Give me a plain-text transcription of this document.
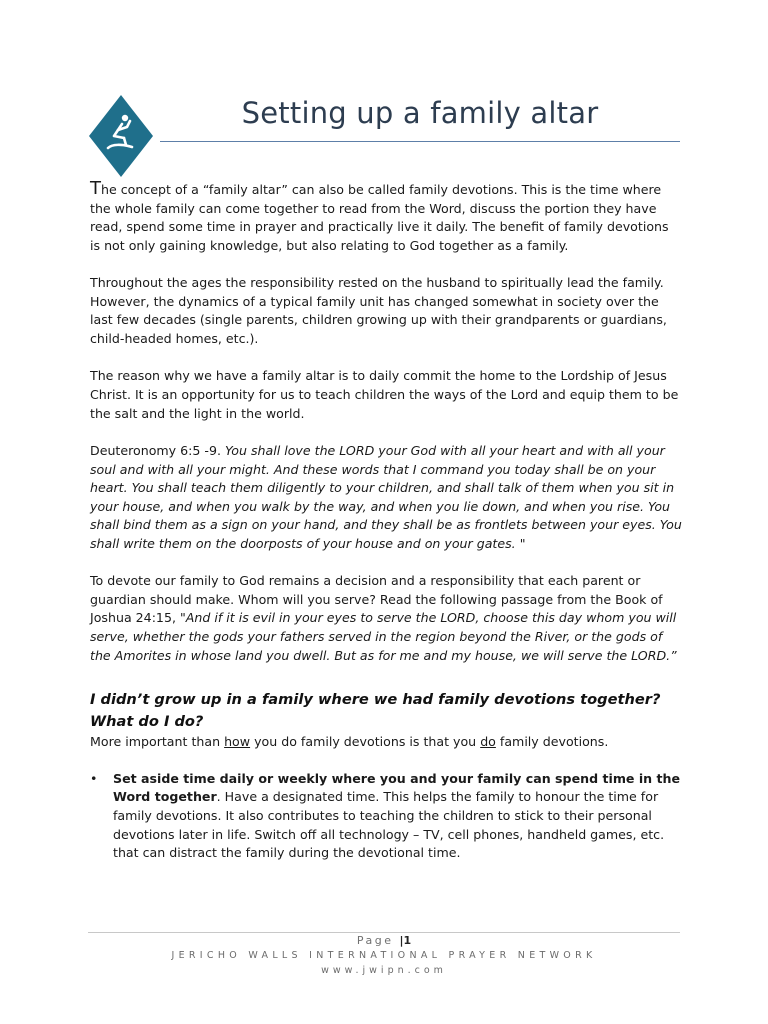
Setting up a family altar

The concept of a “family altar” can also be called family devotions. This is the time where the whole family can come together to read from the Word, discuss the portion they have read, spend some time in prayer and practically live it daily. The benefit of family devotions is not only gaining knowledge, but also relating to God together as a family.

Throughout the ages the responsibility rested on the husband to spiritually lead the family. However, the dynamics of a typical family unit has changed somewhat in society over the last few decades (single parents, children growing up with their grandparents or guardians, child-headed homes, etc.).

The reason why we have a family altar is to daily commit the home to the Lordship of Jesus Christ. It is an opportunity for us to teach children the ways of the Lord and equip them to be the salt and the light in the world.

Deuteronomy 6:5 -9. You shall love the LORD your God with all your heart and with all your soul and with all your might. And these words that I command you today shall be on your heart. You shall teach them diligently to your children, and shall talk of them when you sit in your house, and when you walk by the way, and when you lie down, and when you rise. You shall bind them as a sign on your hand, and they shall be as frontlets between your eyes. You shall write them on the doorposts of your house and on your gates. "

To devote our family to God remains a decision and a responsibility that each parent or guardian should make. Whom will you serve? Read the following passage from the Book of Joshua 24:15, "And if it is evil in your eyes to serve the LORD, choose this day whom you will serve, whether the gods your fathers served in the region beyond the River, or the gods of the Amorites in whose land you dwell. But as for me and my house, we will serve the LORD.”

I didn’t grow up in a family where we had family devotions together? What do I do?

More important than how you do family devotions is that you do family devotions.

• Set aside time daily or weekly where you and your family can spend time in the Word together. Have a designated time. This helps the family to honour the time for family devotions. It also contributes to teaching the children to stick to their personal devotions later in life. Switch off all technology – TV, cell phones, handheld games, etc. that can distract the family during the devotional time.
Page |1
JERICHO WALLS INTERNATIONAL PRAYER NETWORK
www.jwipn.com
